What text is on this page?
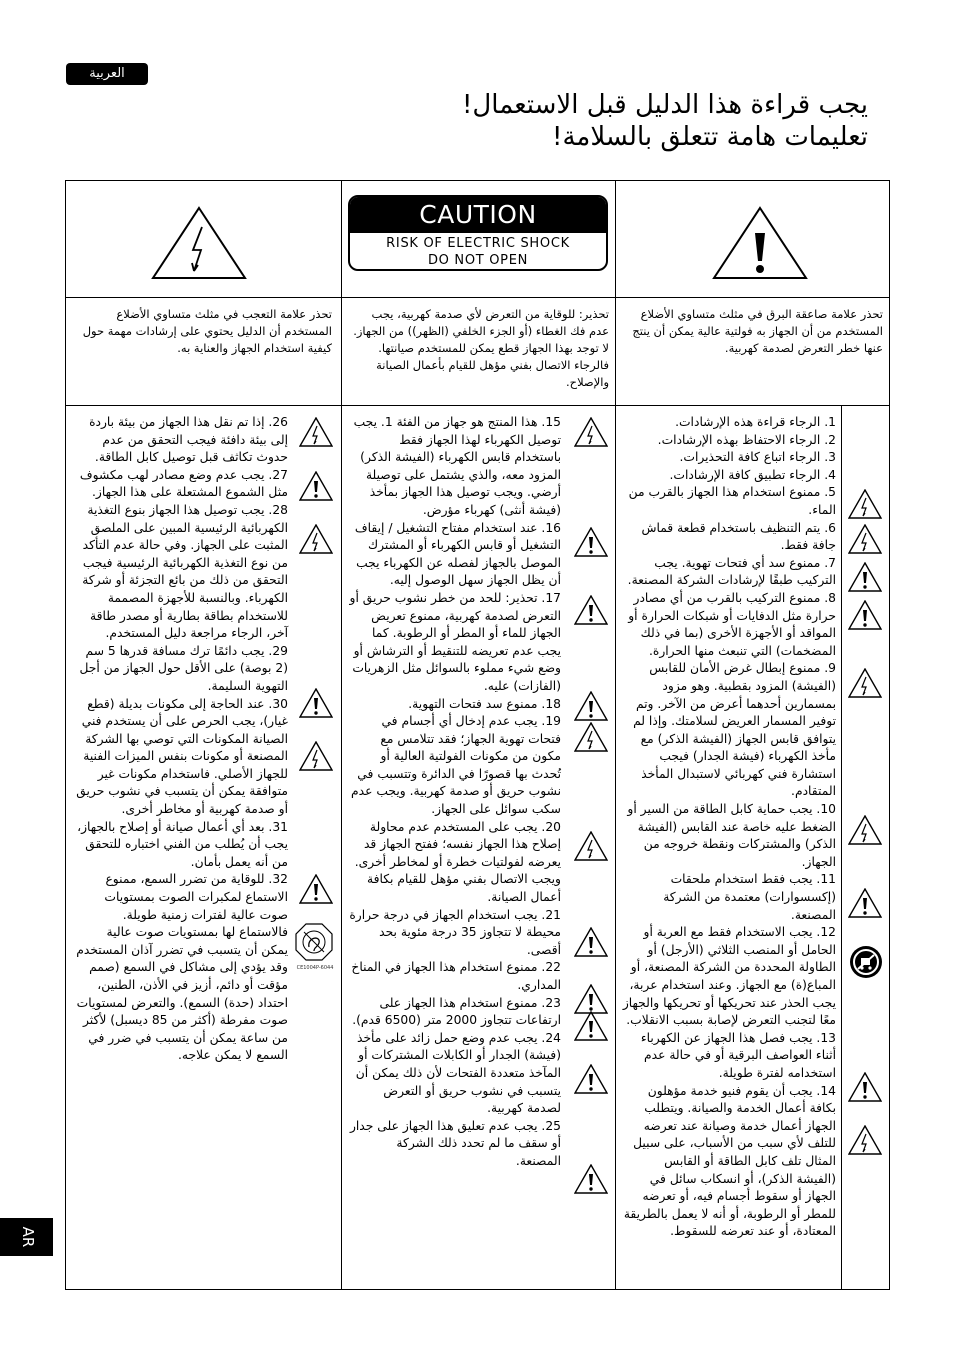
العربية
يجب قراءة هذا الدليل قبل الاستعمال!
تعليمات هامة تتعلق بالسلامة!
AR
CAUTION
RISK OF ELECTRIC SHOCK
DO NOT OPEN
تحذر علامة التعجب في مثلث متساوي الأضلاع المستخدم أن الدليل يحتوي على إرشادات مهمة حول كيفية استخدام الجهاز والعناية به.
تحذير: للوقاية من التعرض لأي صدمة كهربية، يجب عدم فك الغطاء (أو الجزء الخلفي (الظهر)) من الجهاز. لا توجد بهذا الجهاز قطع يمكن للمستخدم صيانتها. فالرجاء الاتصال بفني مؤهل للقيام بأعمال الصيانة والإصلاح.
تحذر علامة صاعقة البرق في مثلث متساوي الأضلاع المستخدم من أن الجهاز به فولتية عالية يمكن أن ينتج عنها خطر التعرض لصدمة كهربية.

1. الرجاء قراءة هذه الإرشادات.

2. الرجاء الاحتفاظ بهذه الإرشادات.

3. الرجاء اتباع كافة التحذيرات.

4. الرجاء تطبيق كافة الإرشادات.

5. ممنوع استخدام هذا الجهاز بالقرب من الماء.

6. يتم التنظيف باستخدام قطعة قماش جافة فقط.

7. ممنوع سد أي فتحات تهوية. يجب التركيب طبقًا لإرشادات الشركة المصنعة.

8. ممنوع التركيب بالقرب من أي مصادر حرارة مثل الدفايات أو شبكات الحرارة أو المواقد أو الأجهزة الأخرى (بما في ذلك المضخمات) التي تنبعث منها الحرارة.

9. ممنوع إبطال غرض الأمان للقابس (الفيشة) المزود بقطبية. وهو مزود بمسمارين أحدهما أعرض من الآخر. وتم توفير المسمار العريض لسلامتك. وإذا لم يتوافق قابس الجهاز (الفيشة الذكر) مع مأخذ الكهرباء (فيشة الجدار) فيجب استشارة فني كهربائي لاستبدال المأخذ المتقادم.

10. يجب حماية كابل الطاقة من السير أو الضغط عليه خاصة عند القابس (الفيشة الذكر) والمشتركات ونقطة خروجه من الجهاز.

11. يجب فقط استخدام ملحقات (إكسسوارات) معتمدة من الشركة المصنعة.

12. يجب الاستخدام فقط مع العربة أو الحامل أو المنصب الثلاثي (الأرجل) أو الطاولة المحددة من الشركة المصنعة، أو المباع(ة) مع الجهاز. وعند استخدام عربة، يجب الحذر عند تحريكها أو تحريكها والجهاز معًا لتجنب التعرض لإصابة بسبب الانقلاب.

13. يجب فصل هذا الجهاز عن الكهرباء أثناء العواصف البرقية أو في حالة عدم استخدامه لفترة طويلة.

14. يجب أن يقوم فنيو خدمة مؤهلون بكافة أعمال الخدمة والصيانة. ويتطلب الجهاز أعمال خدمة وصيانة عند تعرضه للتلف لأي سبب من الأسباب، على سبيل المثال تلف كابل الطاقة أو القابس (الفيشة الذكر)، أو انسكاب سائل في الجهاز أو سقوط أجسام فيه، أو تعرضه للمطر أو الرطوبة، أو أنه لا يعمل بالطريقة المعتادة، أو عند تعرضه للسقوط.

15. هذا المنتج هو جهاز من الفئة 1. يجب توصيل الكهرباء لهذا الجهاز فقط باستخدام قابس الكهرباء (الفيشة الذكر) المزود معه، والذي يشتمل على توصيلة أرضي. ويجب توصيل هذا الجهاز بمأخذ (فيشة أنثى) كهرباء مؤرض.

16. عند استخدام مفتاح التشغيل / إيقاف التشغيل أو قابس الكهرباء أو المشترك الموصل بالجهاز لفصله عن الكهرباء يجب أن يظل الجهاز سهل الوصول إليه.

17. تحذير: للحد من خطر نشوب حريق أو التعرض لصدمة كهربية، ممنوع تعريض الجهاز للماء أو المطر أو الرطوبة. كما يجب عدم تعريضه للتنقيط أو الترشاش أو وضع شيء مملوء بالسوائل مثل الزهريات (الفازات) عليه.

18. ممنوع سد فتحات التهوية.

19. يجب عدم إدخال أي أجسام في فتحات تهوية الجهاز؛ فقد تتلامس مع مكون من مكونات الفولتية العالية أو تُحدث بها قصورًا في الدائرة وتتسبب في نشوب حريق أو صدمة كهربية. ويجب عدم سكب سوائل على الجهاز.

20. يجب على المستخدم عدم محاولة إصلاح هذا الجهاز نفسه؛ ففتح الجهاز قد يعرضه لفولتيات خطرة أو لمخاطر أخرى. ويجب الاتصال بفني مؤهل للقيام بكافة أعمال الصيانة.

21. يجب استخدام الجهاز في درجة حرارة محيطة لا تتجاوز 35 درجة مئوية بحد أقصى.

22. ممنوع استخدام هذا الجهاز في المناخ المداري.

23. ممنوع استخدام هذا الجهاز على ارتفاعات تتجاوز 2000 متر (6500 قدم).

24. يجب عدم وضع حمل زائد على مأخذ (فيشة) الجدار أو الكابلات المشتركات أو المآخذ متعددة الفتحات لأن ذلك يمكن أن يتسبب في نشوب حريق أو التعرض لصدمة كهربية.

25. يجب عدم تعليق هذا الجهاز على جدار أو سقف ما لم تحدد ذلك الشركة المصنعة.

26. إذا تم نقل هذا الجهاز من بيئة باردة إلى بيئة دافئة فيجب التحقق من عدم حدوث تكاثف قبل توصيل كابل الطاقة.

27. يجب عدم وضع مصادر لهب مكشوف مثل الشموع المشتعلة على هذا الجهاز.

28. يجب توصيل هذا الجهاز بنوع التغذية الكهربائية الرئيسية المبين على الملصق المثبت على الجهاز. وفي حالة عدم التأكد من نوع التغذية الكهربائية الرئيسية فيجب التحقق من ذلك من بائع التجزئة أو شركة الكهرباء. وبالنسبة للأجهزة المصممة للاستخدام بطاقة بطارية أو مصدر طاقة آخر، الرجاء مراجعة دليل المستخدم.

29. يجب دائمًا ترك مسافة قدرها 5 سم (2 بوصة) على الأقل حول الجهاز من أجل التهوية السليمة.

30. عند الحاجة إلى مكونات بديلة (قطع غيار)، يجب الحرص على أن يستخدم فني الصيانة المكونات التي توصي بها الشركة المصنعة أو مكونات بنفس الميزات الفنية للجهاز الأصلي. فاستخدام مكونات غير متوافقة يمكن أن يتسبب في نشوب حريق أو صدمة كهربية أو مخاطر أخرى.

31. بعد أي أعمال صيانة أو إصلاح بالجهاز، يجب أن يُطلب من الفني اختباره للتحقق من أنه يعمل بأمان.

32. للوقاية من تضرر السمع، ممنوع الاستماع لمكبرات الصوت بمستويات صوت عالية لفترات زمنية طويلة. فالاستماع لها بمستويات صوت عالية يمكن أن يتسبب في تضرر آذان المستخدم وقد يؤدي إلى مشاكل في السمع (صمم مؤقت أو دائم، أزيز في الأذن، الطنين، احتداد (حدة) السمع). والتعرض لمستويات صوت مفرطة (أكثر من 85 ديسبل) لأكثر من ساعة يمكن أن يتسبب في ضرر في السمع لا يمكن علاجه.

CE1004P-6044
